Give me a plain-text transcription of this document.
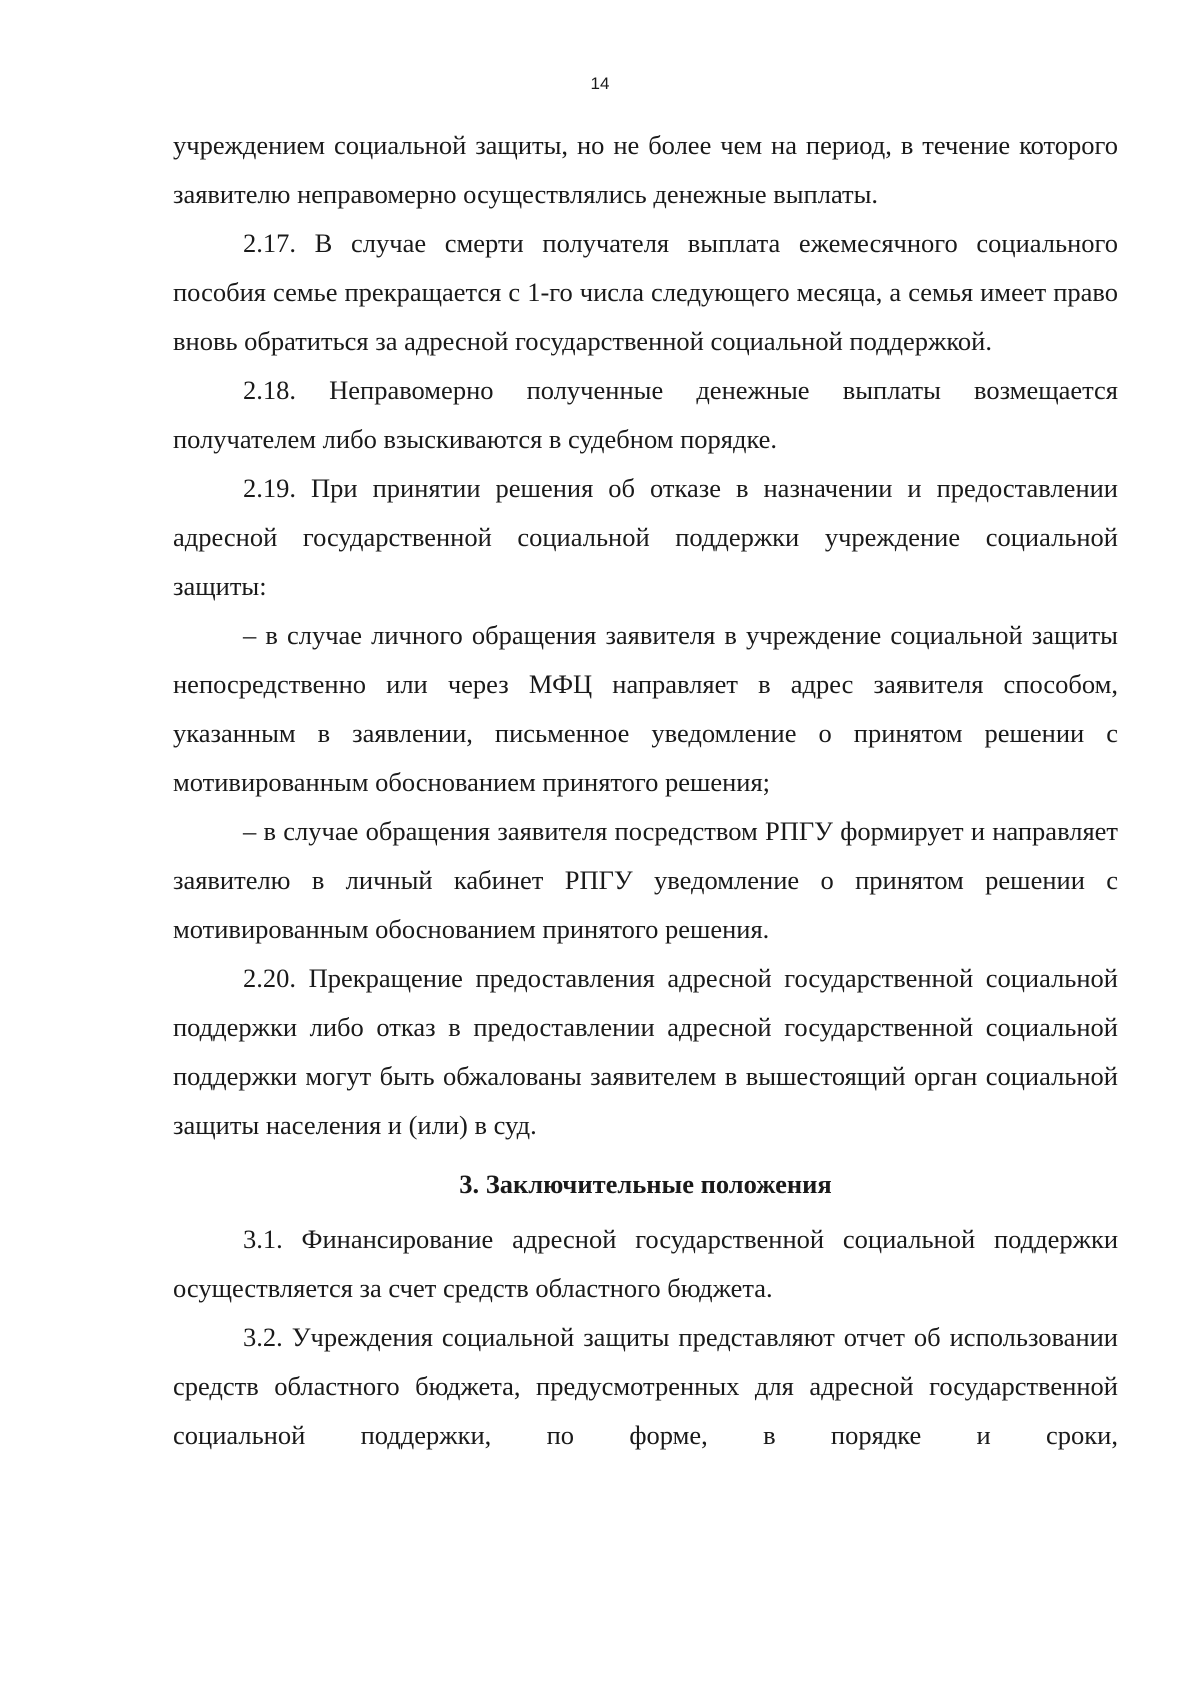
14

учреждением социальной защиты, но не более чем на период, в течение которого заявителю неправомерно осуществлялись денежные выплаты.

2.17. В случае смерти получателя выплата ежемесячного социального пособия семье прекращается с 1-го числа следующего месяца, а семья имеет право вновь обратиться за адресной государственной социальной поддержкой.

2.18. Неправомерно полученные денежные выплаты возмещается получателем либо взыскиваются в судебном порядке.

2.19. При принятии решения об отказе в назначении и предоставлении адресной государственной социальной поддержки учреждение социальной защиты:

– в случае личного обращения заявителя в учреждение социальной защиты непосредственно или через МФЦ направляет в адрес заявителя способом, указанным в заявлении, письменное уведомление о принятом решении с мотивированным обоснованием принятого решения;

– в случае обращения заявителя посредством РПГУ формирует и направляет заявителю в личный кабинет РПГУ уведомление о принятом решении с мотивированным обоснованием принятого решения.

2.20. Прекращение предоставления адресной государственной социальной поддержки либо отказ в предоставлении адресной государственной социальной поддержки могут быть обжалованы заявителем в вышестоящий орган социальной защиты населения и (или) в суд.

3. Заключительные положения

3.1. Финансирование адресной государственной социальной поддержки осуществляется за счет средств областного бюджета.

3.2. Учреждения социальной защиты представляют отчет об использовании средств областного бюджета, предусмотренных для адресной государственной социальной поддержки, по форме, в порядке и сроки,
